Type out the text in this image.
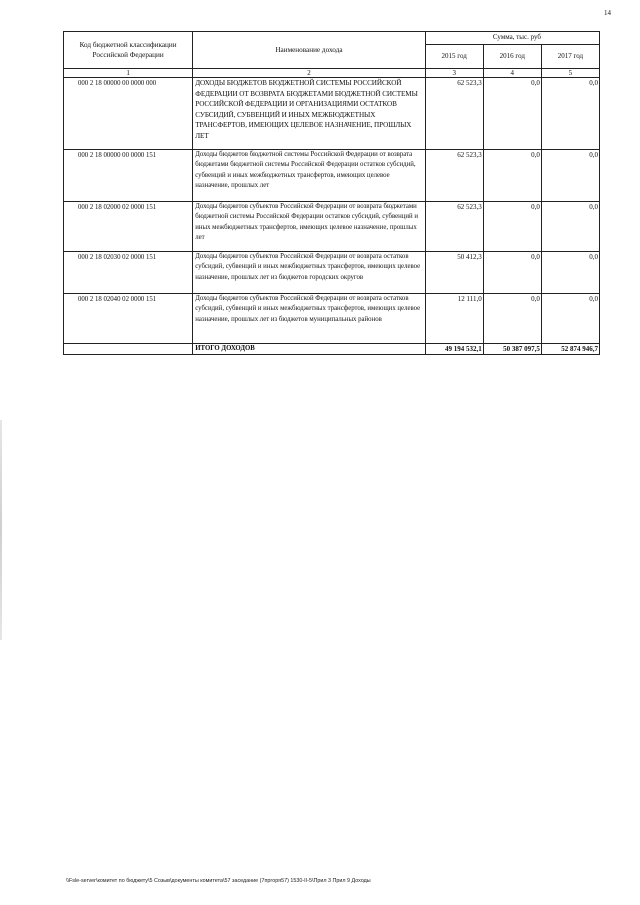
14
Код бюджетной классификации Российской Федерации	Наименование дохода	Сумма, тыс. руб		
		2015 год	2016 год	2017 год
1	2	3	4	5
000 2 18 00000 00 0000 000	ДОХОДЫ БЮДЖЕТОВ БЮДЖЕТНОЙ СИСТЕМЫ РОССИЙСКОЙ ФЕДЕРАЦИИ ОТ ВОЗВРАТА БЮДЖЕТАМИ БЮДЖЕТНОЙ СИСТЕМЫ РОССИЙСКОЙ ФЕДЕРАЦИИ И ОРГАНИЗАЦИЯМИ ОСТАТКОВ СУБСИДИЙ, СУБВЕНЦИЙ И ИНЫХ МЕЖБЮДЖЕТНЫХ ТРАНСФЕРТОВ, ИМЕЮЩИХ ЦЕЛЕВОЕ НАЗНАЧЕНИЕ, ПРОШЛЫХ ЛЕТ	62 523,3	0,0	0,0
000 2 18 00000 00 0000 151	Доходы бюджетов бюджетной системы Российской Федерации от возврата бюджетами бюджетной системы Российской Федерации остатков субсидий, субвенций и иных межбюджетных трансфертов, имеющих целевое назначение, прошлых лет	62 523,3	0,0	0,0
000 2 18 02000 02 0000 151	Доходы бюджетов субъектов Российской Федерации от возврата бюджетами бюджетной системы Российской Федерации остатков субсидий, субвенций и иных межбюджетных трансфертов, имеющих целевое назначение, прошлых лет	62 523,3	0,0	0,0
000 2 18 02030 02 0000 151	Доходы бюджетов субъектов Российской Федерации от возврата остатков субсидий, субвенций и иных межбюджетных трансфертов, имеющих целевое назначение, прошлых лет из бюджетов городских округов	50 412,3	0,0	0,0
000 2 18 02040 02 0000 151	Доходы бюджетов субъектов Российской Федерации от возврата остатков субсидий, субвенций и иных межбюджетных трансфертов, имеющих целевое назначение, прошлых лет из бюджетов муниципальных районов	12 111,0	0,0	0,0
	ИТОГО ДОХОДОВ	49 194 532,1	50 387 097,5	52 874 946,7
\\Fsle-server\комитет по бюджету\5 Созыв\документы комитета\57 заседание (7пргоря57) 1530-II-5\Прил 3 Прил 9 Доходы
